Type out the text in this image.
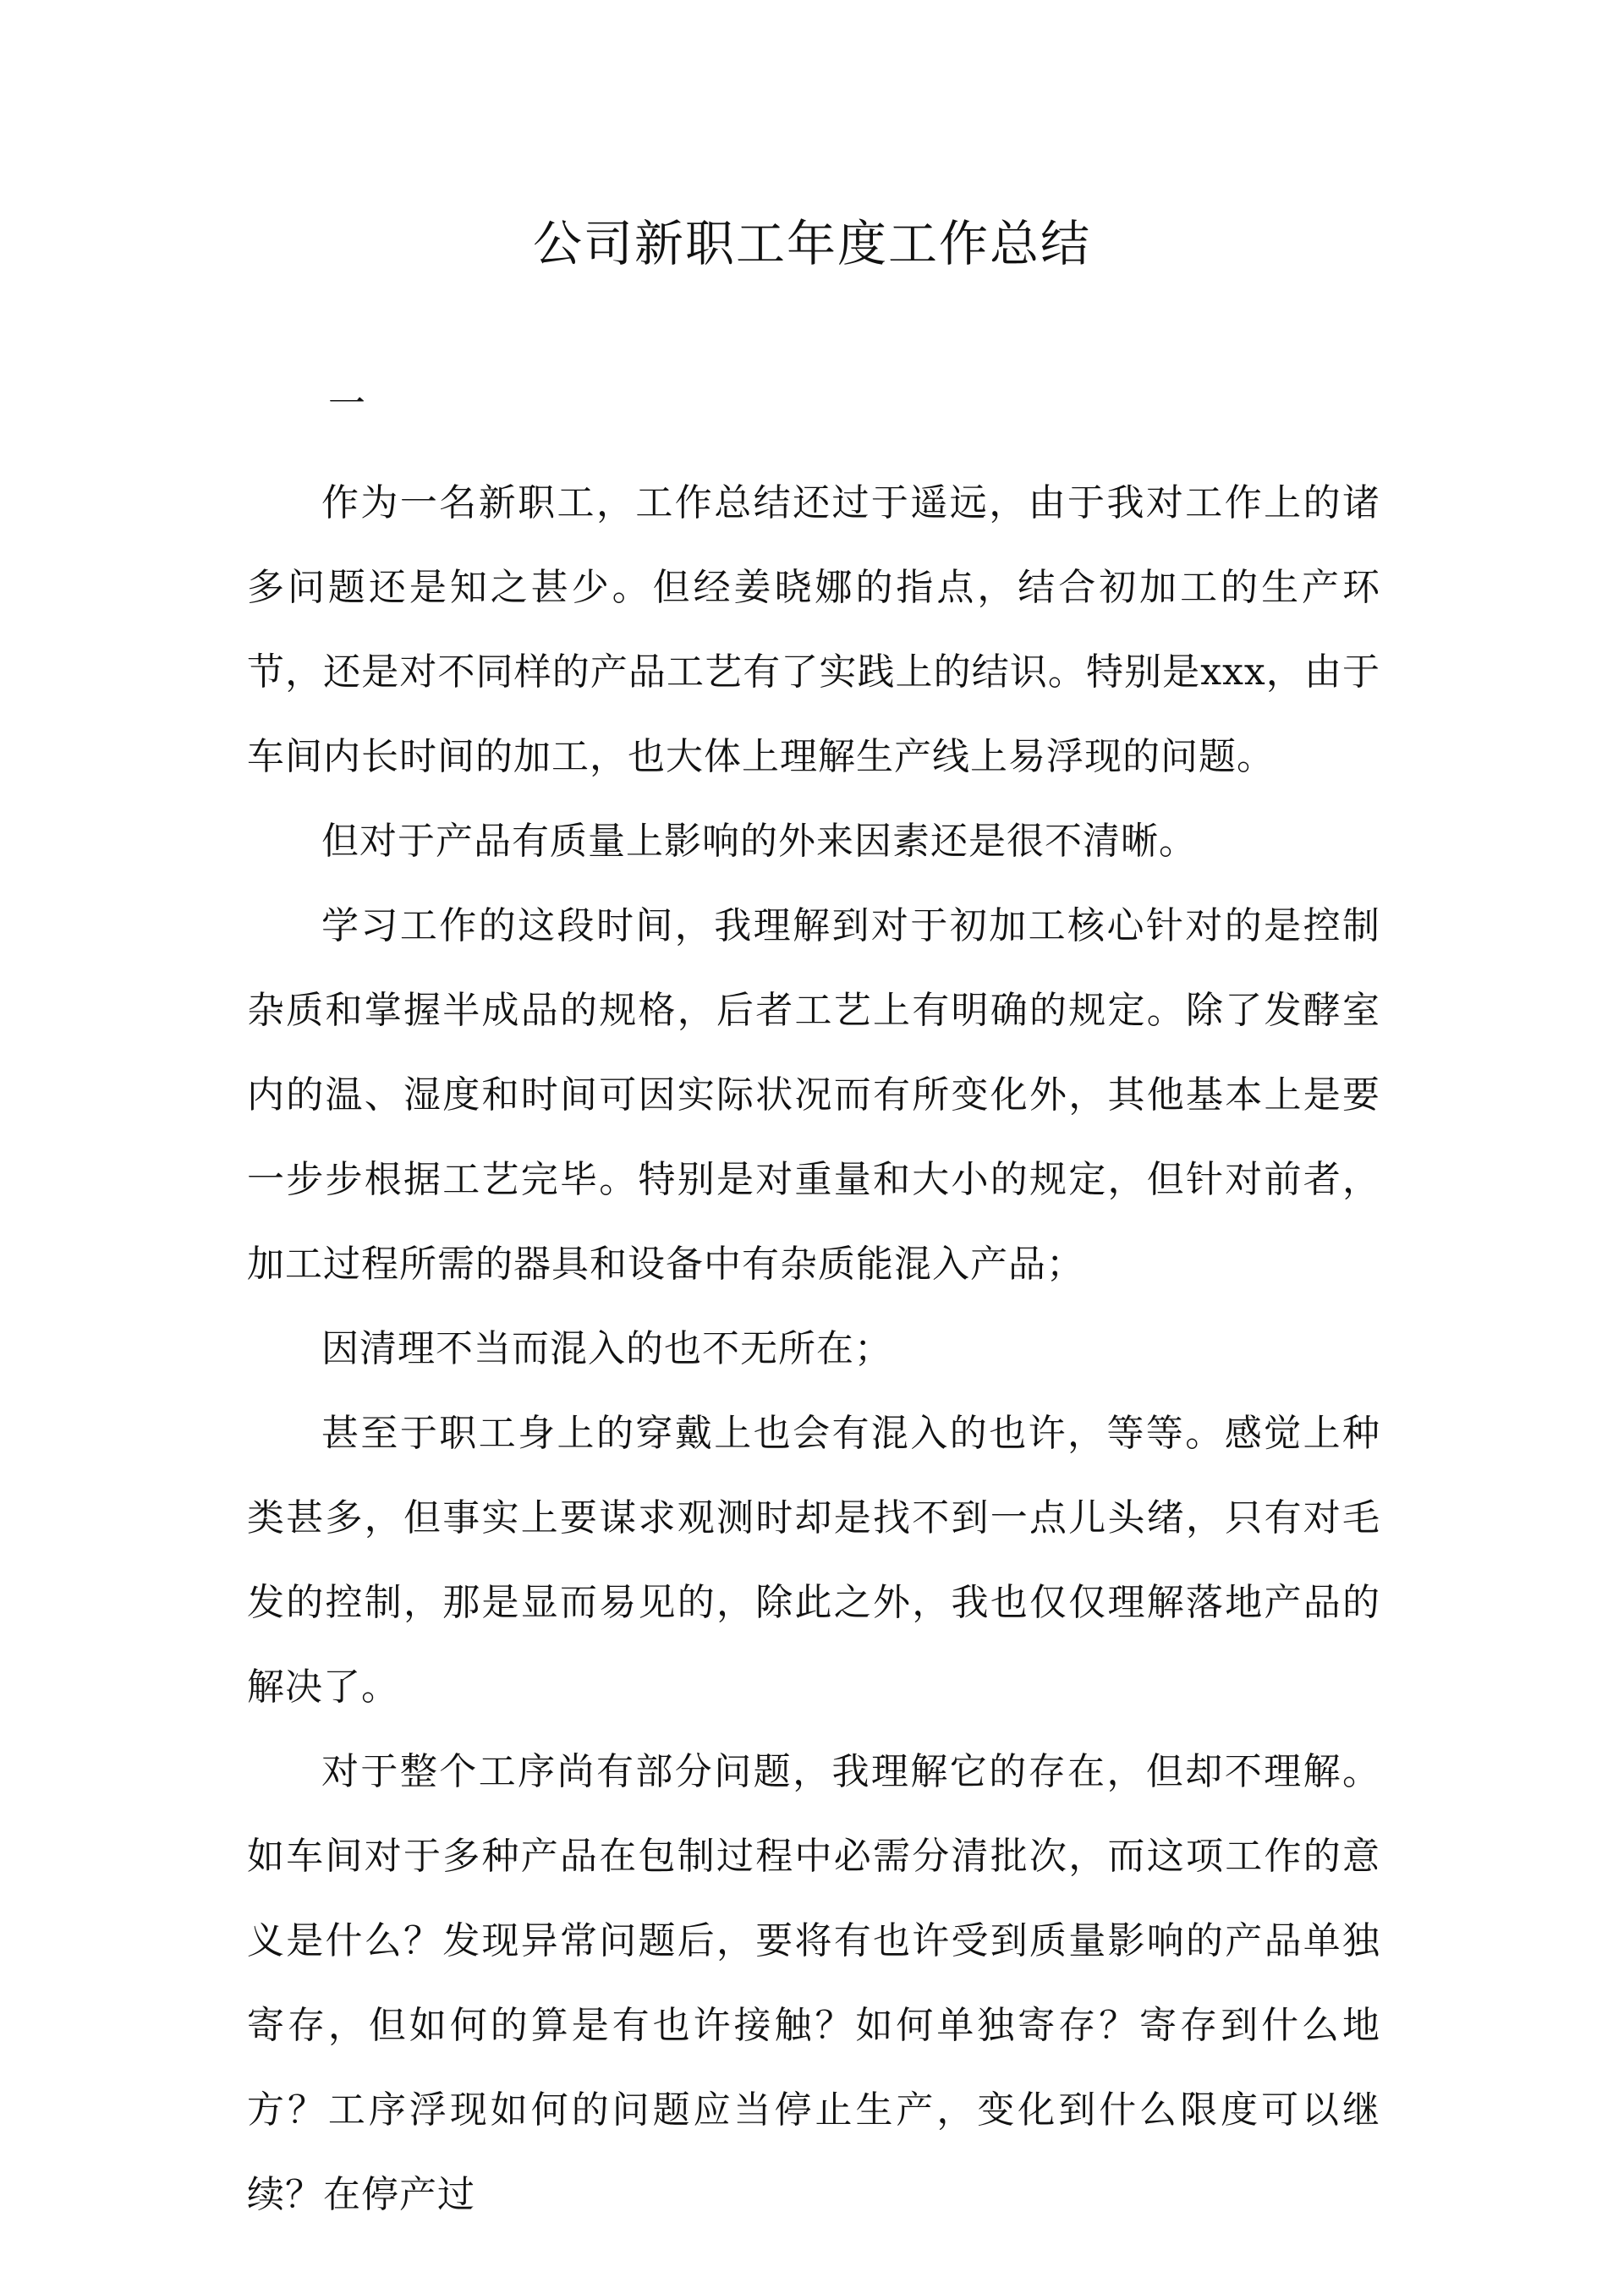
公司新职工年度工作总结
一

作为一名新职工，工作总结还过于遥远，由于我对工作上的诸多问题还是知之甚少。但经姜晓娜的指点，结合初加工的生产环节，还是对不同样的产品工艺有了实践上的结识。特别是xxx，由于车间内长时间的加工，也大体上理解生产线上易浮现的问题。

但对于产品有质量上影响的外来因素还是很不清晰。

学习工作的这段时间，我理解到对于初加工核心针对的是控制杂质和掌握半成品的规格，后者工艺上有明确的规定。除了发酵室内的温、湿度和时间可因实际状况而有所变化外，其他基本上是要一步步根据工艺完毕。特别是对重量和大小的规定，但针对前者，加工过程所需的器具和设备中有杂质能混入产品；

因清理不当而混入的也不无所在；

甚至于职工身上的穿戴上也会有混入的也许，等等。感觉上种类甚多，但事实上要谋求观测时却是找不到一点儿头绪，只有对毛发的控制，那是显而易见的，除此之外，我也仅仅理解落地产品的解决了。

对于整个工序尚有部分问题，我理解它的存在，但却不理解。如车间对于多种产品在包制过程中必需分清批次，而这项工作的意义是什么？发现异常问题后，要将有也许受到质量影响的产品单独寄存，但如何的算是有也许接触？如何单独寄存？寄存到什么地方？工序浮现如何的问题应当停止生产，变化到什么限度可以继续？在停产过
